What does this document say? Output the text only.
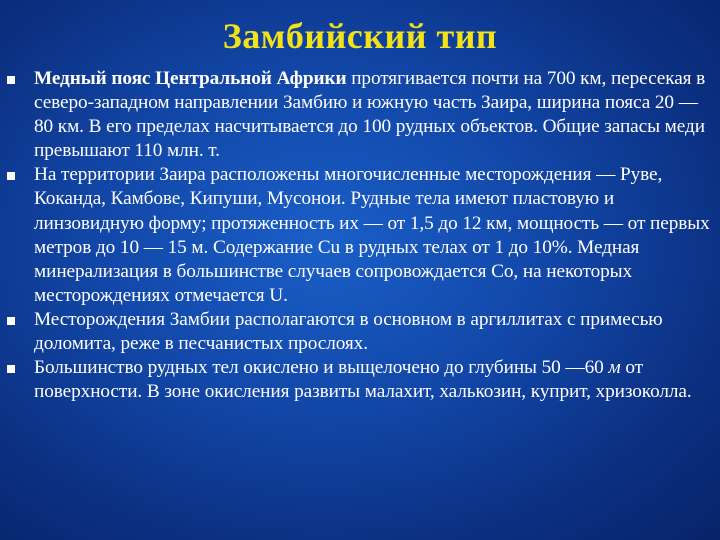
Замбийский тип
Медный пояс Центральной Африки протягивается почти на 700 км, пересекая в северо-западном направлении Замбию и южную часть Заира, ширина пояса 20 — 80 км. В его пределах насчитывается до 100 рудных объектов. Общие запасы меди превышают 110 млн. т.
На территории Заира расположены многочисленные месторождения — Руве, Коканда, Камбове, Кипуши, Мусонои. Рудные тела имеют пластовую и линзовидную форму; протяженность их — от 1,5 до 12 км, мощность — от первых метров до 10 — 15 м. Содержание Cu в рудных телах от 1 до 10%. Медная минерализация в большинстве случаев сопровождается Со, на некоторых месторождениях отмечается U.
Месторождения Замбии располагаются в основном в аргиллитах с примесью доломита, реже в песчанистых прослоях.
Большинство рудных тел окислено и выщелочено до глубины 50 —60 м от поверхности. В зоне окисления развиты малахит, халькозин, куприт, хризоколла.
